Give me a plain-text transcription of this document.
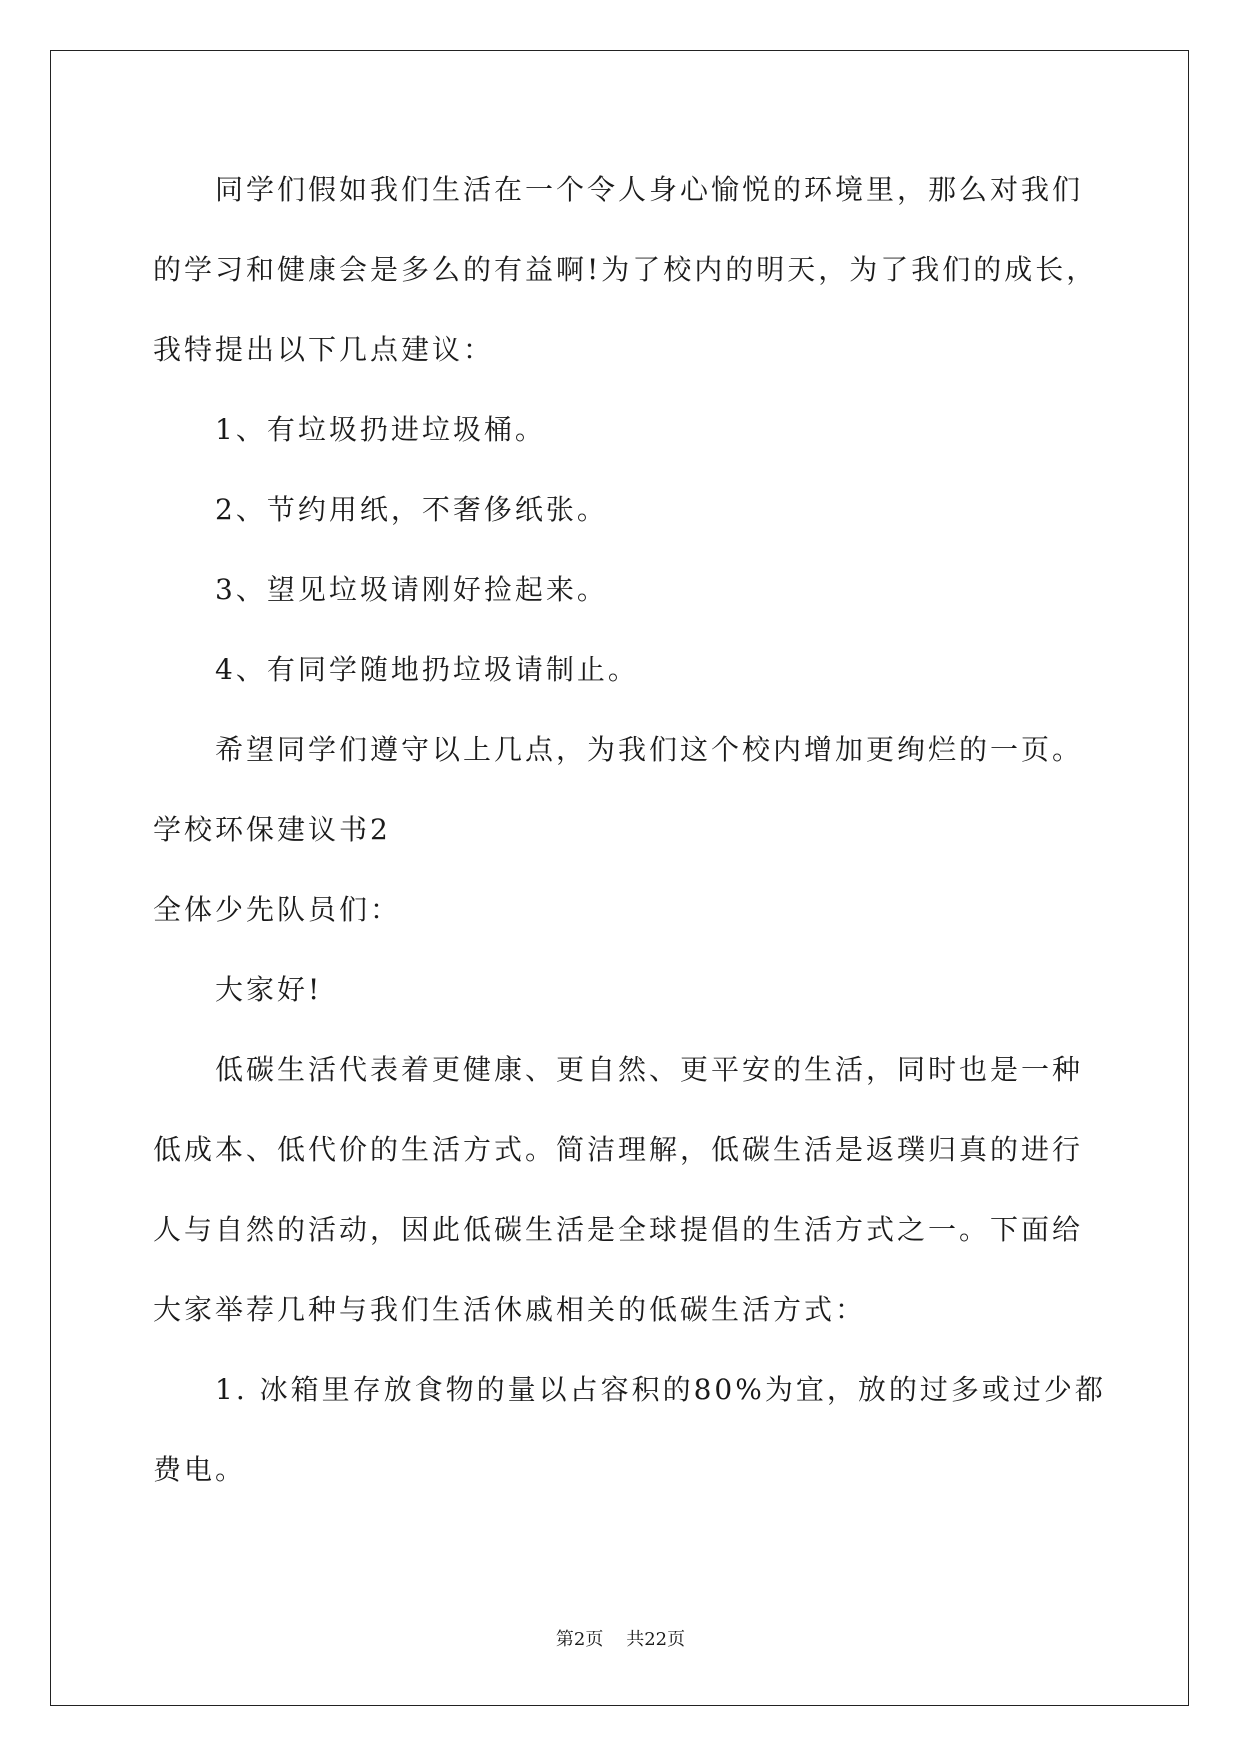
同学们假如我们生活在一个令人身心愉悦的环境里，那么对我们
的学习和健康会是多么的有益啊!为了校内的明天，为了我们的成长，
我特提出以下几点建议：
1、有垃圾扔进垃圾桶。
2、节约用纸，不奢侈纸张。
3、望见垃圾请刚好捡起来。
4、有同学随地扔垃圾请制止。
希望同学们遵守以上几点，为我们这个校内增加更绚烂的一页。
学校环保建议书2
全体少先队员们：
大家好!
低碳生活代表着更健康、更自然、更平安的生活，同时也是一种
低成本、低代价的生活方式。简洁理解，低碳生活是返璞归真的进行
人与自然的活动，因此低碳生活是全球提倡的生活方式之一。下面给
大家举荐几种与我们生活休戚相关的低碳生活方式：
1. 冰箱里存放食物的量以占容积的80%为宜，放的过多或过少都
费电。
第2页    共22页
